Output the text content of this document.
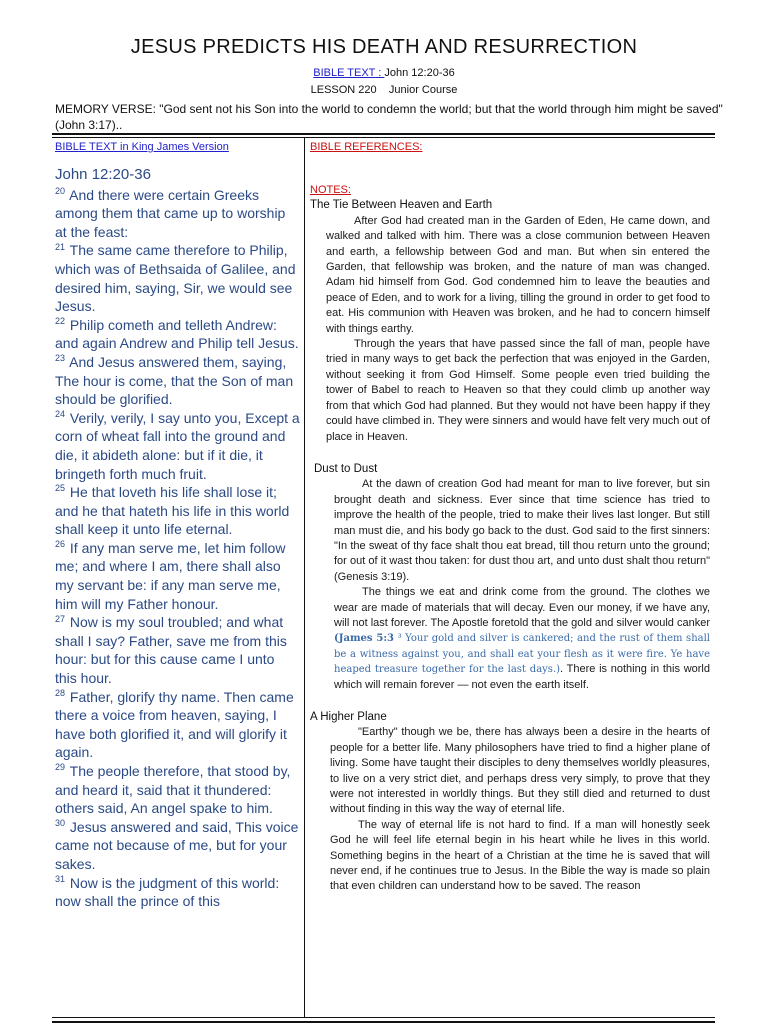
JESUS PREDICTS HIS DEATH AND RESURRECTION
BIBLE TEXT : John 12:20-36
LESSON 220 Junior Course
MEMORY VERSE: "God sent not his Son into the world to condemn the world; but that the world through him might be saved" (John 3:17)..
BIBLE TEXT in King James Version	BIBLE REFERENCES:
John 12:20-36

$^{20}$ And there were certain Greeks among them that came up to worship at the feast:

$^{21}$ The same came therefore to Philip, which was of Bethsaida of Galilee, and desired him, saying, Sir, we would see Jesus.

$^{22}$ Philip cometh and telleth Andrew: and again Andrew and Philip tell Jesus.

$^{23}$ And Jesus answered them, saying, The hour is come, that the Son of man should be glorified.

$^{24}$ Verily, verily, I say unto you, Except a corn of wheat fall into the ground and die, it abideth alone: but if it die, it bringeth forth much fruit.

$^{25}$ He that loveth his life shall lose it; and he that hateth his life in this world shall keep it unto life eternal.

$^{26}$ If any man serve me, let him follow me; and where I am, there shall also my servant be: if any man serve me, him will my Father honour.

$^{27}$ Now is my soul troubled; and what shall I say? Father, save me from this hour: but for this cause came I unto this hour.

$^{28}$ Father, glorify thy name. Then came there a voice from heaven, saying, I have both glorified it, and will glorify it again.

$^{29}$ The people therefore, that stood by, and heard it, said that it thundered: others said, An angel spake to him.

$^{30}$ Jesus answered and said, This voice came not because of me, but for your sakes.

$^{31}$ Now is the judgment of this world: now shall the prince of this

NOTES:
The Tie Between Heaven and Earth

After God had created man in the Garden of Eden, He came down, and walked and talked with him. There was a close communion between Heaven and earth, a fellowship between God and man. But when sin entered the Garden, that fellowship was broken, and the nature of man was changed. Adam hid himself from God. God condemned him to leave the beauties and peace of Eden, and to work for a living, tilling the ground in order to get food to eat. His communion with Heaven was broken, and he had to concern himself with things earthy.

Through the years that have passed since the fall of man, people have tried in many ways to get back the perfection that was enjoyed in the Garden, without seeking it from God Himself. Some people even tried building the tower of Babel to reach to Heaven so that they could climb up another way from that which God had planned. But they would not have been happy if they could have climbed in. They were sinners and would have felt very much out of place in Heaven.

Dust to Dust

At the dawn of creation God had meant for man to live forever, but sin brought death and sickness. Ever since that time science has tried to improve the health of the people, tried to make their lives last longer. But still man must die, and his body go back to the dust. God said to the first sinners: "In the sweat of thy face shalt thou eat bread, till thou return unto the ground; for out of it wast thou taken: for dust thou art, and unto dust shalt thou return" (Genesis 3:19).

The things we eat and drink come from the ground. The clothes we wear are made of materials that will decay. Even our money, if we have any, will not last forever. The Apostle foretold that the gold and silver would canker (James 5:3 ³ Your gold and silver is cankered; and the rust of them shall be a witness against you, and shall eat your flesh as it were fire. Ye have heaped treasure together for the last days.). There is nothing in this world which will remain forever — not even the earth itself.

A Higher Plane

"Earthy" though we be, there has always been a desire in the hearts of people for a better life. Many philosophers have tried to find a higher plane of living. Some have taught their disciples to deny themselves worldly pleasures, to live on a very strict diet, and perhaps dress very simply, to prove that they were not interested in worldly things. But they still died and returned to dust without finding in this way the way of eternal life.

The way of eternal life is not hard to find. If a man will honestly seek God he will feel life eternal begin in his heart while he lives in this world. Something begins in the heart of a Christian at the time he is saved that will never end, if he continues true to Jesus. In the Bible the way is made so plain that even children can understand how to be saved. The reason
